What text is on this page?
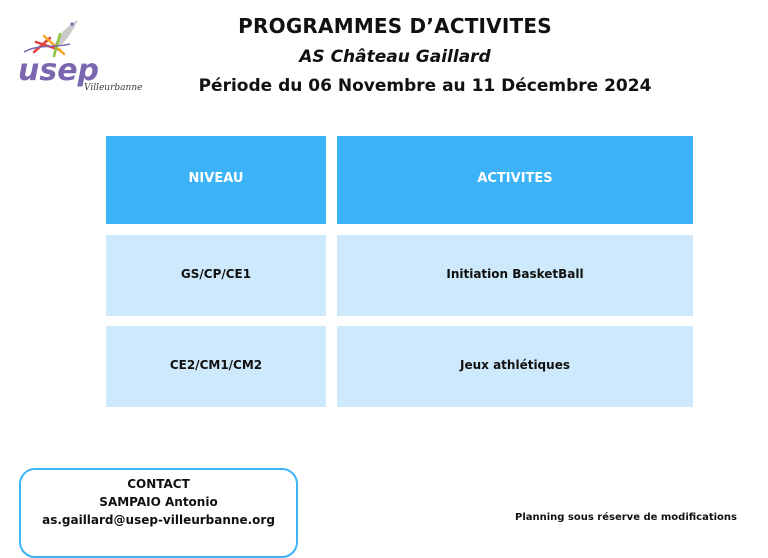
usep
Villeurbanne
PROGRAMMES D’ACTIVITES
AS Château Gaillard
Période du 06 Novembre au 11 Décembre 2024
NIVEAU	ACTIVITES
GS/CP/CE1	Initiation BasketBall
CE2/CM1/CM2	Jeux athlétiques
CONTACT
SAMPAIO Antonio
as.gaillard@usep-villeurbanne.org	Planning sous réserve de modifications
